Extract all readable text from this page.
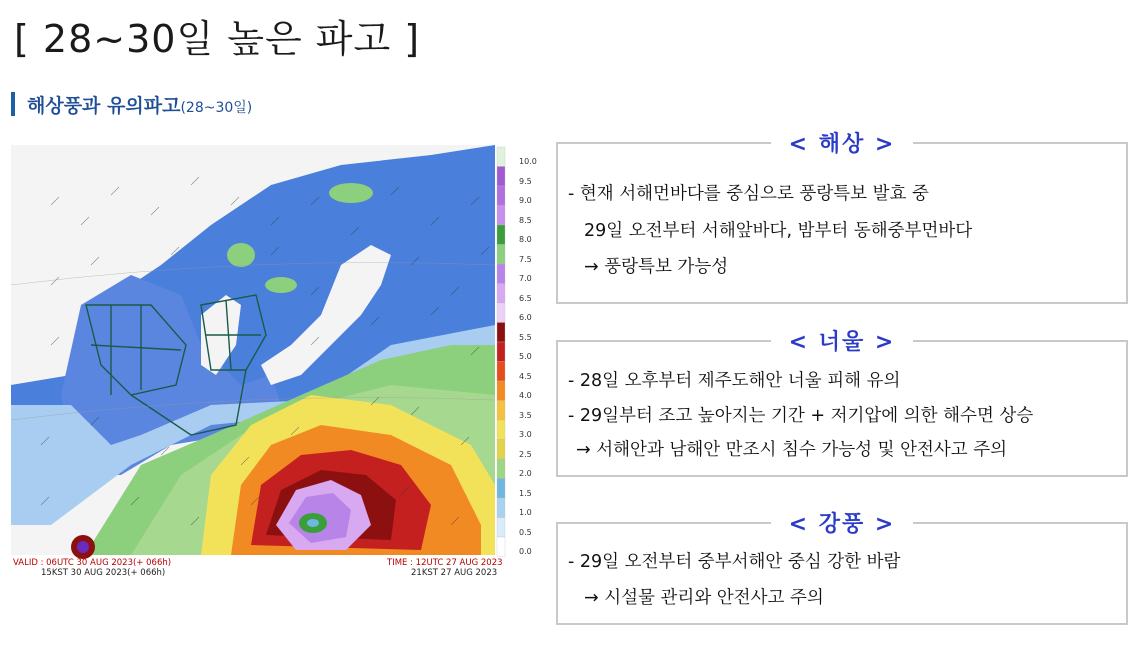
[ 28~30일 높은 파고 ]
해상풍과 유의파고(28~30일)
VALID : 06UTC 30 AUG 2023(+ 066h)
15KST 30 AUG 2023(+ 066h)
TIME : 12UTC 27 AUG 2023
21KST 27 AUG 2023
10.0
9.5
9.0
8.5
8.0
7.5
7.0
6.5
6.0
5.5
5.0
4.5
4.0
3.5
3.0
2.5
2.0
1.5
1.0
0.5
0.0
< 해상 >
- 현재 서해먼바다를 중심으로 풍랑특보 발효 중
29일 오전부터 서해앞바다, 밤부터 동해중부먼바다
→ 풍랑특보 가능성
< 너울 >
- 28일 오후부터 제주도해안 너울 피해 유의
- 29일부터 조고 높아지는 기간 + 저기압에 의한 해수면 상승
→ 서해안과 남해안 만조시 침수 가능성 및 안전사고 주의
< 강풍 >
- 29일 오전부터 중부서해안 중심 강한 바람
→ 시설물 관리와 안전사고 주의
